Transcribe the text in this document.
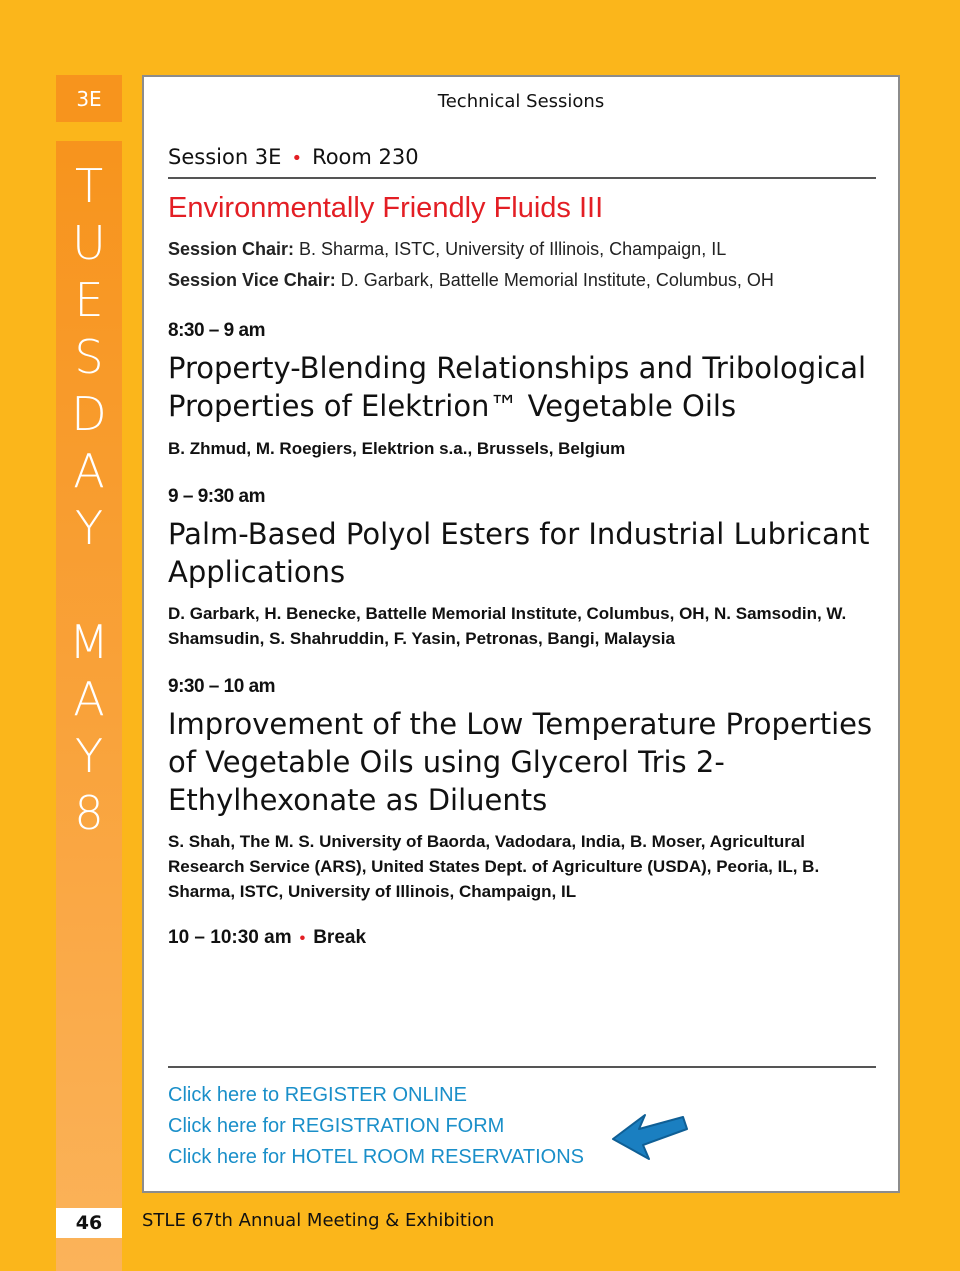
3E
T
U
E
S
D
A
Y
M
A
Y
8
Technical Sessions
Session 3E • Room 230
Environmentally Friendly Fluids III
Session Chair: B. Sharma, ISTC, University of Illinois, Champaign, IL
Session Vice Chair: D. Garbark, Battelle Memorial Institute, Columbus, OH
8:30 – 9 am
Property-Blending Relationships and Tribological Properties of Elektrion™ Vegetable Oils
B. Zhmud, M. Roegiers, Elektrion s.a., Brussels, Belgium
9 – 9:30 am
Palm-Based Polyol Esters for Industrial Lubricant Applications
D. Garbark, H. Benecke, Battelle Memorial Institute, Columbus, OH, N. Samsodin, W. Shamsudin, S. Shahruddin, F. Yasin, Petronas, Bangi, Malaysia
9:30 – 10 am
Improvement of the Low Temperature Properties of Vegetable Oils using Glycerol Tris 2-Ethylhexonate as Diluents
S. Shah, The M. S. University of Baorda, Vadodara, India, B. Moser, Agricultural Research Service (ARS), United States Dept. of Agriculture (USDA), Peoria, IL, B. Sharma, ISTC, University of Illinois, Champaign, IL
10 – 10:30 am • Break
Click here to REGISTER ONLINE
Click here for REGISTRATION FORM
Click here for HOTEL ROOM RESERVATIONS
46	STLE 67th Annual Meeting & Exhibition
